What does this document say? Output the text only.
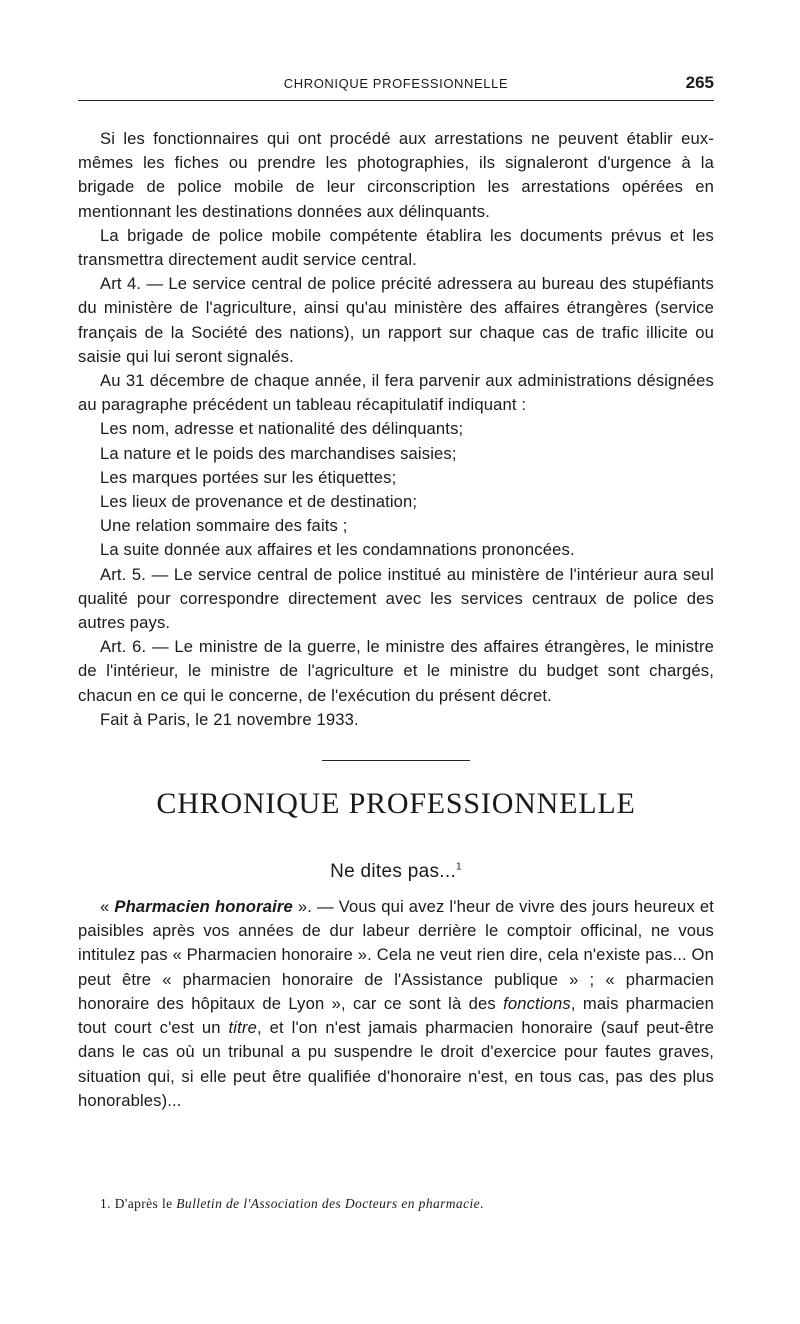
CHRONIQUE PROFESSIONNELLE	265

Si les fonctionnaires qui ont procédé aux arrestations ne peuvent établir eux-mêmes les fiches ou prendre les photographies, ils signaleront d'urgence à la brigade de police mobile de leur circonscription les arrestations opérées en mentionnant les destinations données aux délinquants.

La brigade de police mobile compétente établira les documents prévus et les transmettra directement audit service central.

Art 4. — Le service central de police précité adressera au bureau des stupéfiants du ministère de l'agriculture, ainsi qu'au ministère des affaires étrangères (service français de la Société des nations), un rapport sur chaque cas de trafic illicite ou saisie qui lui seront signalés.

Au 31 décembre de chaque année, il fera parvenir aux administrations désignées au paragraphe précédent un tableau récapitulatif indiquant :

Les nom, adresse et nationalité des délinquants;

La nature et le poids des marchandises saisies;

Les marques portées sur les étiquettes;

Les lieux de provenance et de destination;

Une relation sommaire des faits ;

La suite donnée aux affaires et les condamnations prononcées.

Art. 5. — Le service central de police institué au ministère de l'intérieur aura seul qualité pour correspondre directement avec les services centraux de police des autres pays.

Art. 6. — Le ministre de la guerre, le ministre des affaires étrangères, le ministre de l'intérieur, le ministre de l'agriculture et le ministre du budget sont chargés, chacun en ce qui le concerne, de l'exécution du présent décret.

Fait à Paris, le 21 novembre 1933.

CHRONIQUE PROFESSIONNELLE
Ne dites pas...$^1$

« Pharmacien honoraire ». — Vous qui avez l'heur de vivre des jours heureux et paisibles après vos années de dur labeur derrière le comptoir officinal, ne vous intitulez pas « Pharmacien honoraire ». Cela ne veut rien dire, cela n'existe pas... On peut être « pharmacien honoraire de l'Assistance publique » ; « pharmacien honoraire des hôpitaux de Lyon », car ce sont là des fonctions, mais pharmacien tout court c'est un titre, et l'on n'est jamais pharmacien honoraire (sauf peut-être dans le cas où un tribunal a pu suspendre le droit d'exercice pour fautes graves, situation qui, si elle peut être qualifiée d'honoraire n'est, en tous cas, pas des plus honorables)...

1. D'après le Bulletin de l'Association des Docteurs en pharmacie.
